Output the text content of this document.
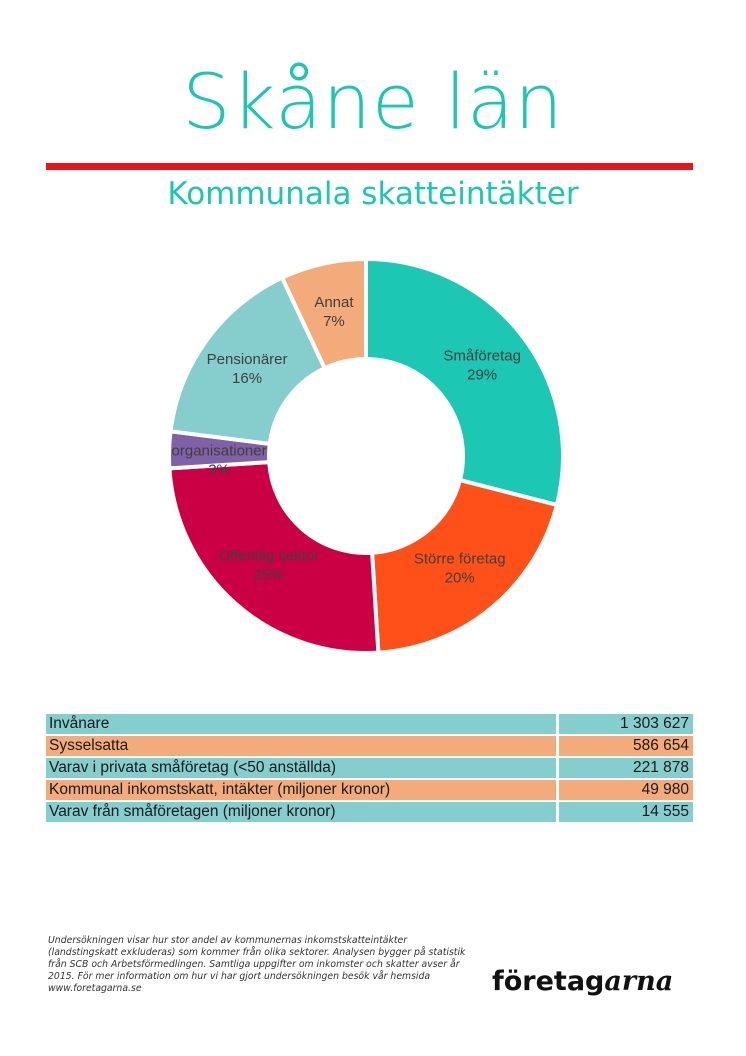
Skåne län
Kommunala skatteintäkter
Småföretag
29%
Större företag
20%
Offentlig sektor
25%
organisationer
3%
Pensionärer
16%
Annat
7%
Invånare	1 303 627
Sysselsatta	586 654
Varav i privata småföretag (<50 anställda)	221 878
Kommunal inkomstskatt, intäkter (miljoner kronor)	49 980
Varav från småföretagen (miljoner kronor)	14 555
Undersökningen visar hur stor andel av kommunernas inkomstskatteintäkter (landstingskatt exkluderas) som kommer från olika sektorer. Analysen bygger på statistik från SCB och Arbetsförmedlingen. Samtliga uppgifter om inkomster och skatter avser år 2015. För mer information om hur vi har gjort undersökningen besök vår hemsida www.foretagarna.se	företagarna
